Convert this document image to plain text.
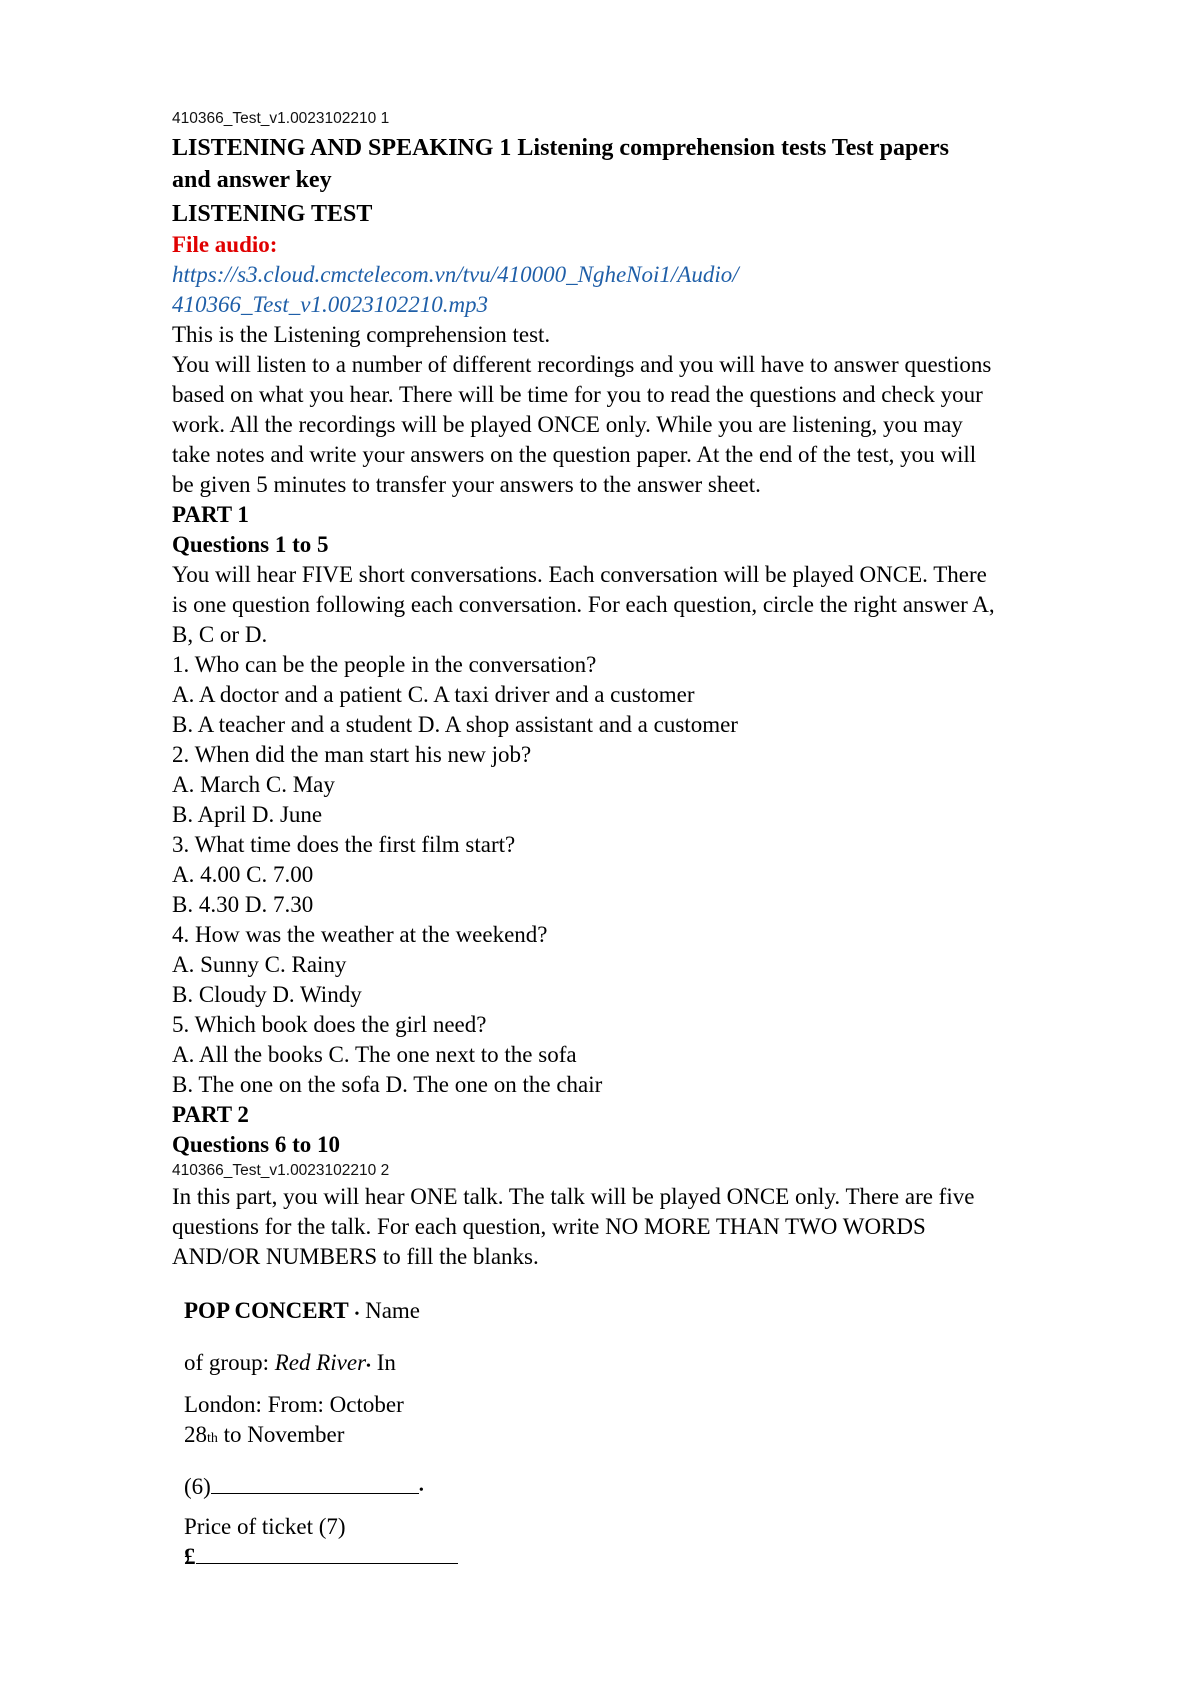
410366_Test_v1.0023102210 1
LISTENING AND SPEAKING 1 Listening comprehension tests Test papers
and answer key
LISTENING TEST
File audio:
https://s3.cloud.cmctelecom.vn/tvu/410000_NgheNoi1/Audio/
410366_Test_v1.0023102210.mp3
This is the Listening comprehension test.
You will listen to a number of different recordings and you will have to answer questions
based on what you hear. There will be time for you to read the questions and check your
work. All the recordings will be played ONCE only. While you are listening, you may
take notes and write your answers on the question paper. At the end of the test, you will
be given 5 minutes to transfer your answers to the answer sheet.
PART 1
Questions 1 to 5
You will hear FIVE short conversations. Each conversation will be played ONCE. There
is one question following each conversation. For each question, circle the right answer A,
B, C or D.
1. Who can be the people in the conversation?
A. A doctor and a patient C. A taxi driver and a customer
B. A teacher and a student D. A shop assistant and a customer
2. When did the man start his new job?
A. March C. May
B. April D. June
3. What time does the first film start?
A. 4.00 C. 7.00
B. 4.30 D. 7.30
4. How was the weather at the weekend?
A. Sunny C. Rainy
B. Cloudy D. Windy
5. Which book does the girl need?
A. All the books C. The one next to the sofa
B. The one on the sofa D. The one on the chair
PART 2
Questions 6 to 10
410366_Test_v1.0023102210 2
In this part, you will hear ONE talk. The talk will be played ONCE only. There are five
questions for the talk. For each question, write NO MORE THAN TWO WORDS
AND/OR NUMBERS to fill the blanks.
POP CONCERT • Name
of group: Red River• In
London: From: October
28th to November
(6)	•
Price of ticket (7)
£
